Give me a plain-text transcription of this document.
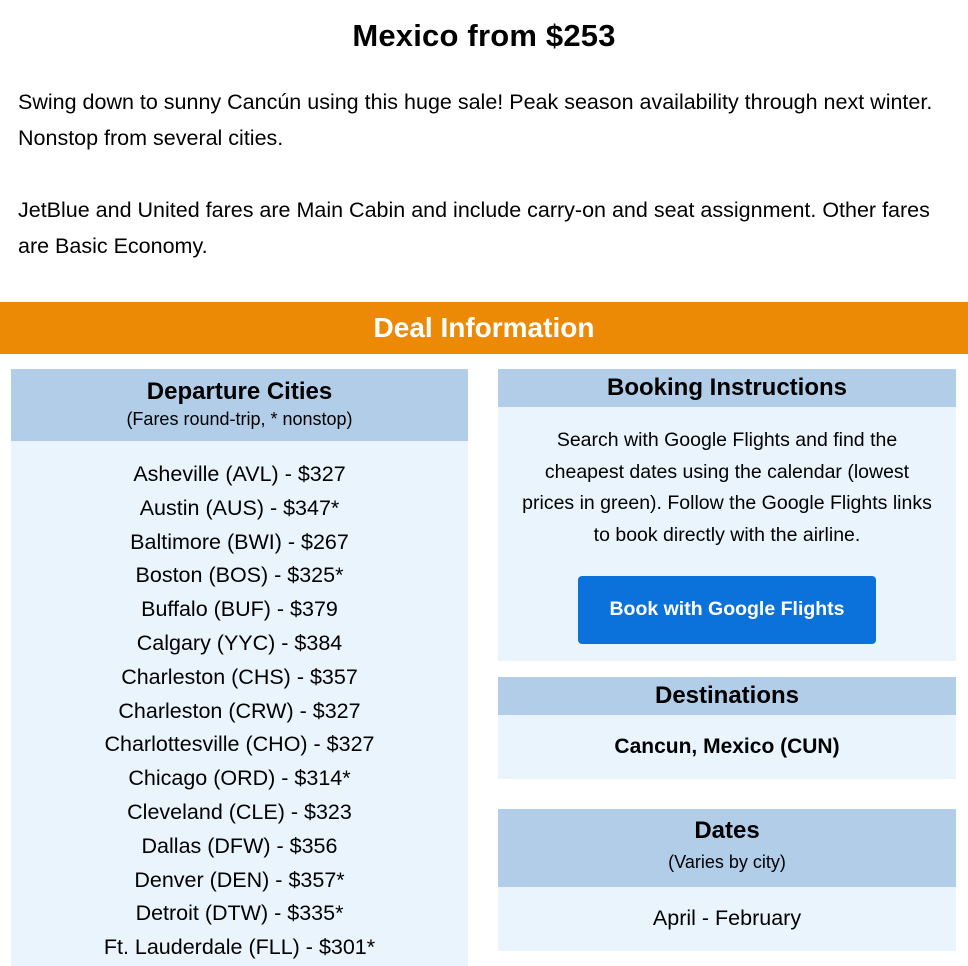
Mexico from $253
Swing down to sunny Cancún using this huge sale! Peak season availability through next winter. Nonstop from several cities.
JetBlue and United fares are Main Cabin and include carry-on and seat assignment. Other fares are Basic Economy.
Deal Information
Departure Cities
(Fares round-trip, * nonstop)
Asheville (AVL) - $327
Austin (AUS) - $347*
Baltimore (BWI) - $267
Boston (BOS) - $325*
Buffalo (BUF) - $379
Calgary (YYC) - $384
Charleston (CHS) - $357
Charleston (CRW) - $327
Charlottesville (CHO) - $327
Chicago (ORD) - $314*
Cleveland (CLE) - $323
Dallas (DFW) - $356
Denver (DEN) - $357*
Detroit (DTW) - $335*
Ft. Lauderdale (FLL) - $301*
Booking Instructions
Search with Google Flights and find the cheapest dates using the calendar (lowest prices in green). Follow the Google Flights links to book directly with the airline.
Book with Google Flights
Destinations
Cancun, Mexico (CUN)
Dates
(Varies by city)
April - February
